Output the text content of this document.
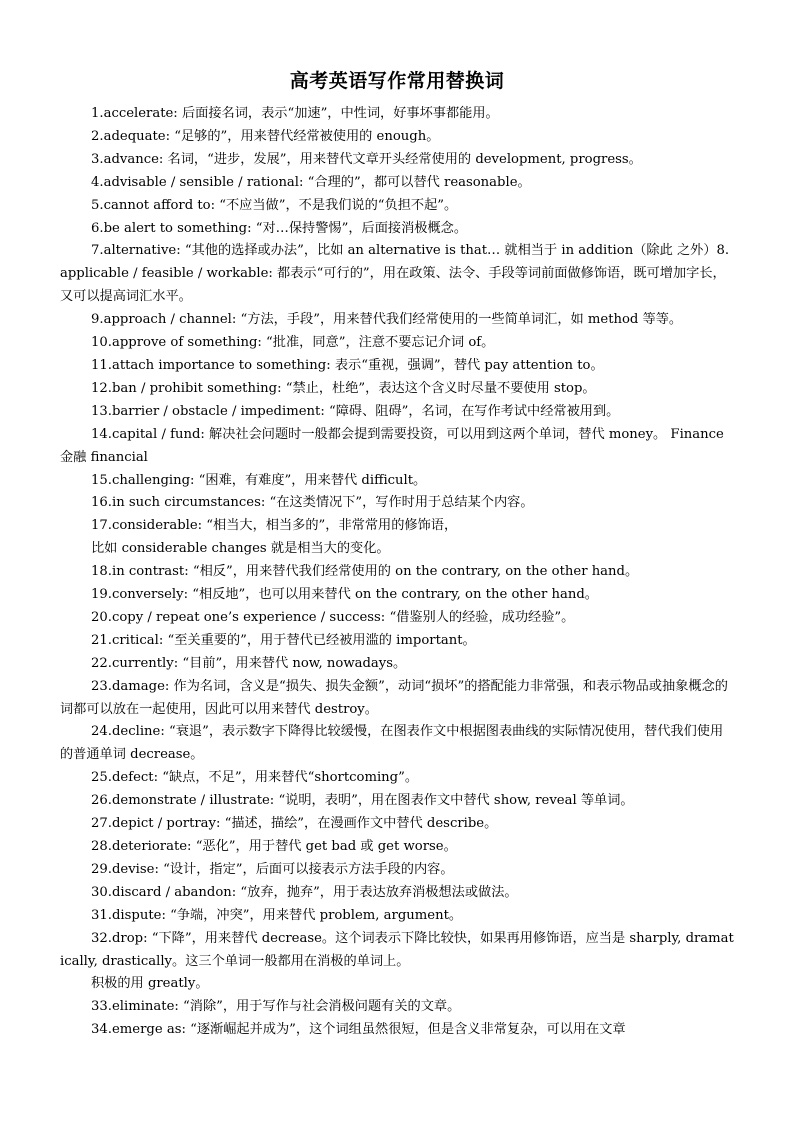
高考英语写作常用替换词

1.accelerate: 后面接名词，表示“加速”，中性词，好事坏事都能用。

2.adequate: “足够的”，用来替代经常被使用的 enough。

3.advance: 名词，“进步，发展”，用来替代文章开头经常使用的 development, progress。

4.advisable / sensible / rational: “合理的”，都可以替代 reasonable。

5.cannot afford to: “不应当做”，不是我们说的“负担不起”。

6.be alert to something: “对…保持警惕”，后面接消极概念。

7.alternative: “其他的选择或办法”，比如 an alternative is that… 就相当于 in addition（除此 之外）8. applicable / feasible / workable: 都表示“可行的”，用在政策、法令、手段等词前面做修饰语，既可增加字长，又可以提高词汇水平。

9.approach / channel: “方法，手段”，用来替代我们经常使用的一些简单词汇，如 method 等等。

10.approve of something: “批准，同意”，注意不要忘记介词 of。

11.attach importance to something: 表示“重视，强调”，替代 pay attention to。

12.ban / prohibit something: “禁止，杜绝”，表达这个含义时尽量不要使用 stop。

13.barrier / obstacle / impediment: “障碍、阻碍”，名词，在写作考试中经常被用到。

14.capital / fund: 解决社会问题时一般都会提到需要投资，可以用到这两个单词，替代 money。 Finance 金融 financial

15.challenging: “困难，有难度”，用来替代 difficult。

16.in such circumstances: “在这类情况下”，写作时用于总结某个内容。

17.considerable: “相当大，相当多的”，非常常用的修饰语，

比如 considerable changes 就是相当大的变化。

18.in contrast: “相反”，用来替代我们经常使用的 on the contrary, on the other hand。

19.conversely: “相反地”，也可以用来替代 on the contrary, on the other hand。

20.copy / repeat one’s experience / success: “借鉴别人的经验，成功经验”。

21.critical: “至关重要的”，用于替代已经被用滥的 important。

22.currently: “目前”，用来替代 now, nowadays。

23.damage: 作为名词，含义是“损失、损失金额”，动词“损坏”的搭配能力非常强，和表示物品或抽象概念的词都可以放在一起使用，因此可以用来替代 destroy。

24.decline: “衰退”，表示数字下降得比较缓慢，在图表作文中根据图表曲线的实际情况使用，替代我们使用的普通单词 decrease。

25.defect: “缺点，不足”，用来替代“shortcoming”。

26.demonstrate / illustrate: “说明，表明”，用在图表作文中替代 show, reveal 等单词。

27.depict / portray: “描述，描绘”，在漫画作文中替代 describe。

28.deteriorate: “恶化”，用于替代 get bad 或 get worse。

29.devise: “设计，指定”，后面可以接表示方法手段的内容。

30.discard / abandon: “放弃，抛弃”，用于表达放弃消极想法或做法。

31.dispute: “争端，冲突”，用来替代 problem, argument。

32.drop: “下降”，用来替代 decrease。这个词表示下降比较快，如果再用修饰语，应当是 sharply, dramatically, drastically。这三个单词一般都用在消极的单词上。

积极的用 greatly。

33.eliminate: “消除”，用于写作与社会消极问题有关的文章。

34.emerge as: “逐渐崛起并成为”，这个词组虽然很短，但是含义非常复杂，可以用在文章
